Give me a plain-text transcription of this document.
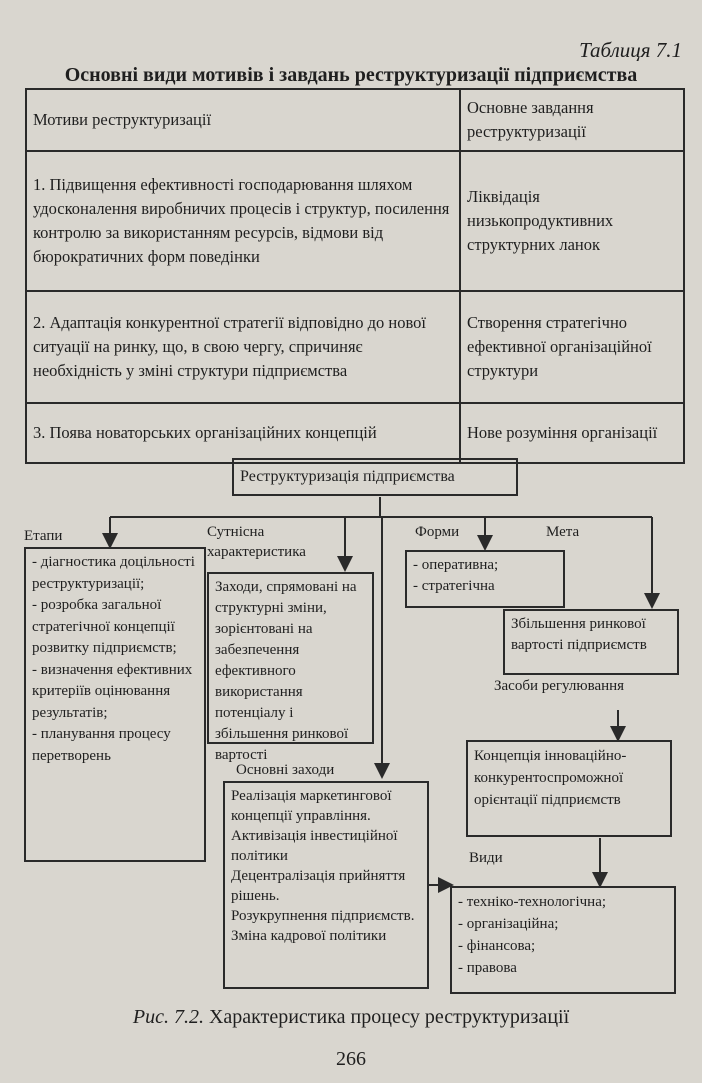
Таблиця 7.1
Основні види мотивів і завдань реструктуризації підприємства
Мотиви реструктуризації	Основне завдання реструктуризації
1. Підвищення ефективності господарювання шляхом удосконалення виробничих процесів і структур, посилення контролю за використанням ресурсів, відмови від бюрократичних форм поведінки	Ліквідація низькопродуктивних структурних ланок
2. Адаптація конкурентної стратегії відповідно до нової ситуації на ринку, що, в свою чергу, спричиняє необхідність у зміні структури підприємства	Створення стратегічно ефективної організаційної структури
3. Поява новаторських організаційних концепцій	Нове розуміння організації
Реструктуризація підприємства
Етапи	Сутнісна характеристика
Форми	Мета
- діагностика доцільності реструктуризації;
- розробка загальної стратегічної концепції розвитку підприємств;
- визначення ефективних критеріїв оцінювання результатів;
- планування процесу перетворень
Заходи, спрямовані на структурні зміни, зорієнтовані на забезпечення ефективного використання потенціалу і збільшення ринкової вартості
- оперативна;
- стратегічна
Збільшення ринкової вартості підприємств
Засоби регулювання
Концепція інноваційно-конкурентоспроможної орієнтації підприємств
Основні заходи
Реалізація маркетингової концепції управління.
Активізація інвестиційної політики
Децентралізація прийняття рішень.
Розукрупнення підприємств.
Зміна кадрової політики
Види
- техніко-технологічна;
- організаційна;
- фінансова;
- правова
Рис. 7.2. Характеристика процесу реструктуризації
266
